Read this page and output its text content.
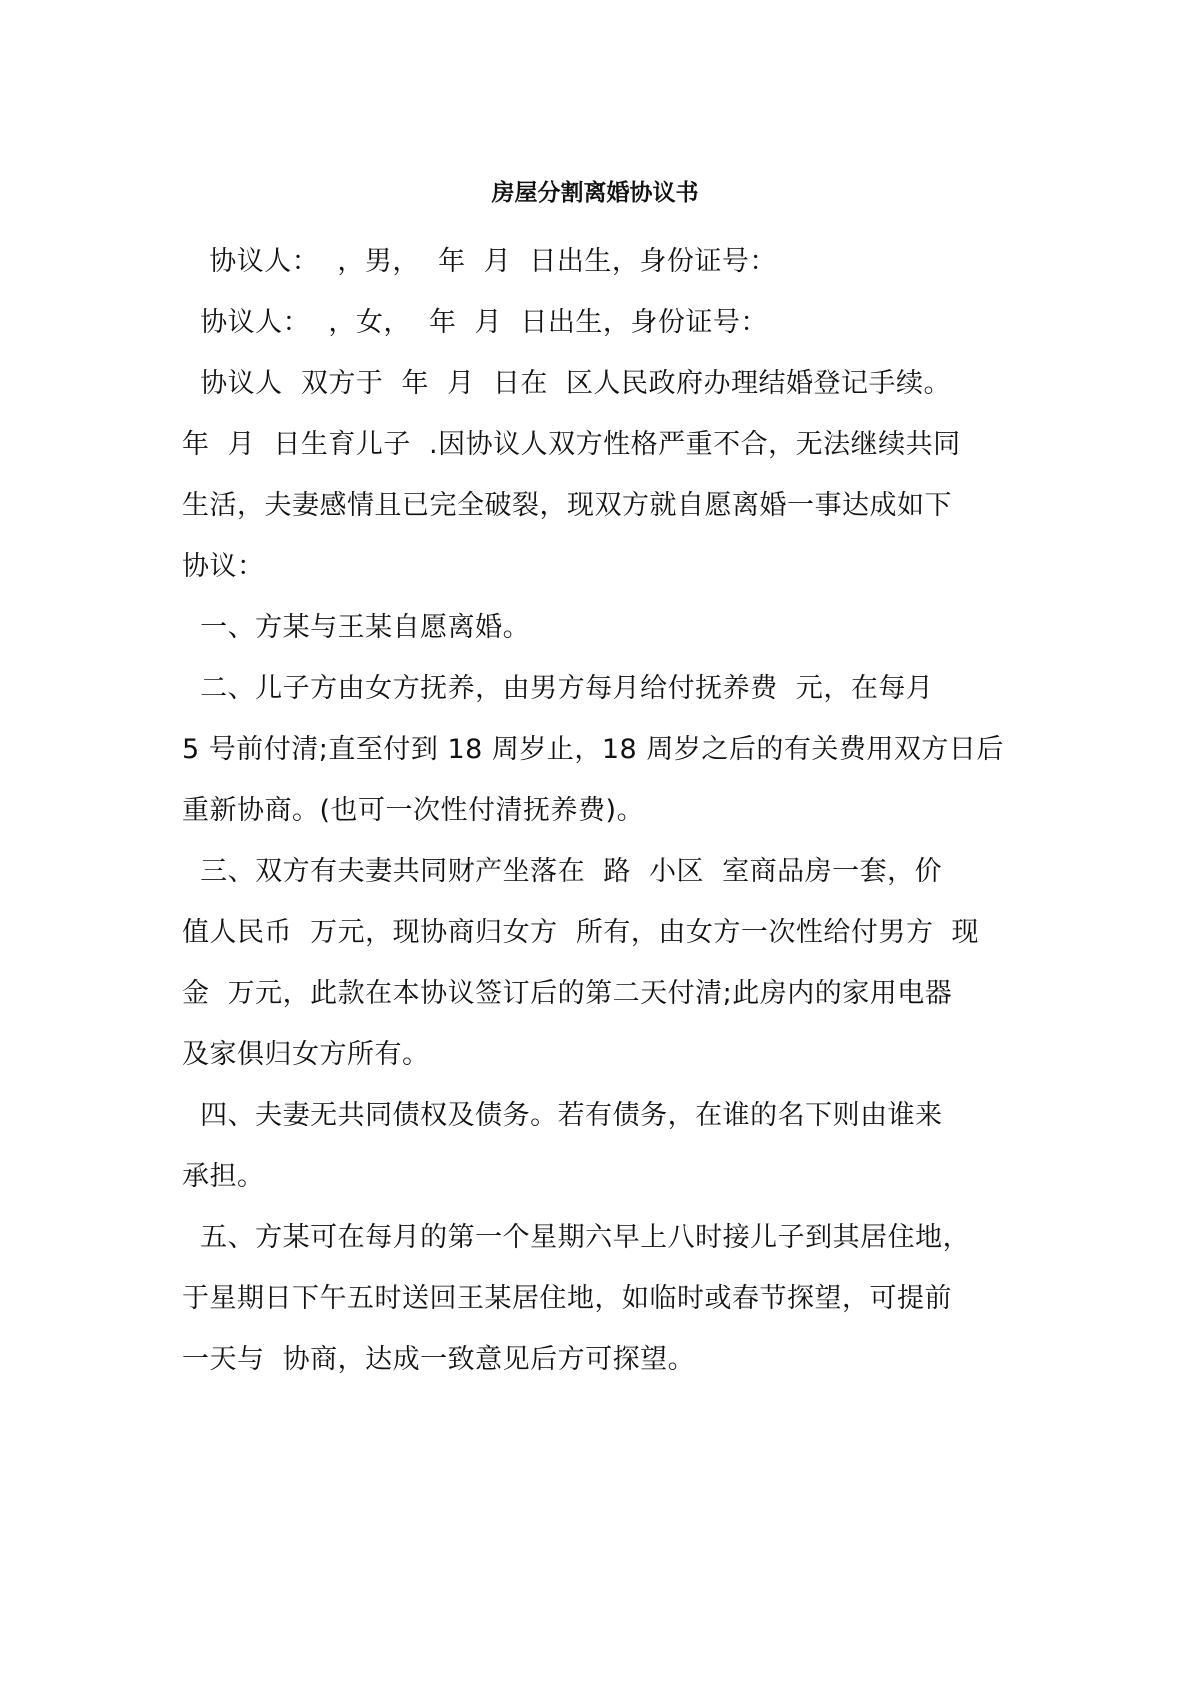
房屋分割离婚协议书
协议人：  ，男，  年  月  日出生，身份证号：
协议人：  ，女，  年  月  日出生，身份证号：
协议人  双方于  年  月  日在  区人民政府办理结婚登记手续。
年  月  日生育儿子  .因协议人双方性格严重不合，无法继续共同
生活，夫妻感情且已完全破裂，现双方就自愿离婚一事达成如下
协议：
一、方某与王某自愿离婚。
二、儿子方由女方抚养，由男方每月给付抚养费  元，在每月
5 号前付清;直至付到 18 周岁止，18 周岁之后的有关费用双方日后
重新协商。(也可一次性付清抚养费)。
三、双方有夫妻共同财产坐落在  路  小区  室商品房一套，价
值人民币  万元，现协商归女方  所有，由女方一次性给付男方  现
金  万元，此款在本协议签订后的第二天付清;此房内的家用电器
及家俱归女方所有。
四、夫妻无共同债权及债务。若有债务，在谁的名下则由谁来
承担。
五、方某可在每月的第一个星期六早上八时接儿子到其居住地，
于星期日下午五时送回王某居住地，如临时或春节探望，可提前
一天与  协商，达成一致意见后方可探望。
